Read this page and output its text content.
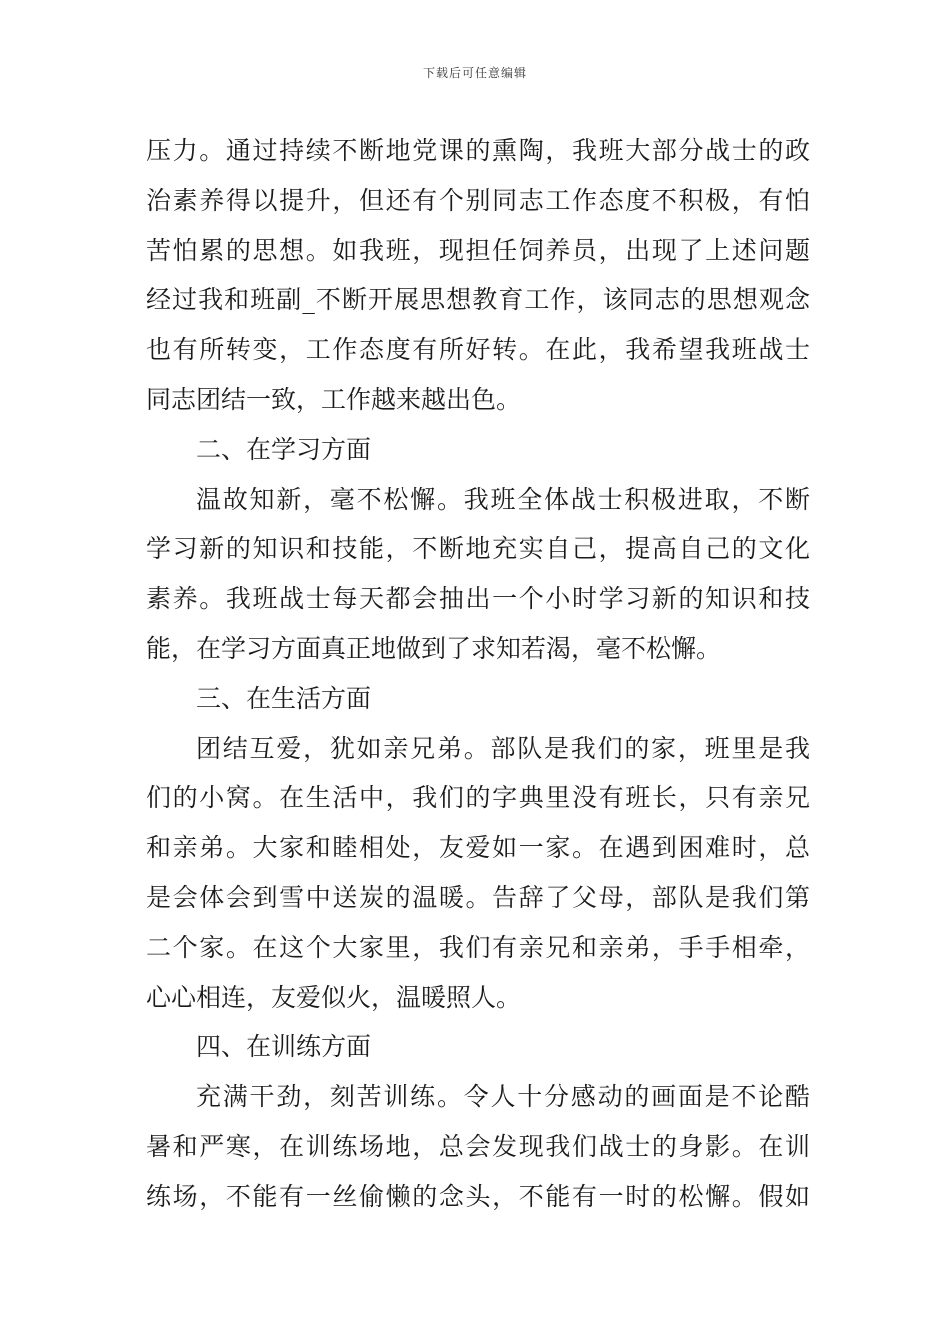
下载后可任意编辑
压力。通过持续不断地党课的熏陶，我班大部分战士的政
治素养得以提升，但还有个别同志工作态度不积极，有怕
苦怕累的思想。如我班，现担任饲养员，出现了上述问题
经过我和班副_不断开展思想教育工作，该同志的思想观念
也有所转变，工作态度有所好转。在此，我希望我班战士
同志团结一致，工作越来越出色。
二、在学习方面
温故知新，毫不松懈。我班全体战士积极进取，不断
学习新的知识和技能，不断地充实自己，提高自己的文化
素养。我班战士每天都会抽出一个小时学习新的知识和技
能，在学习方面真正地做到了求知若渴，毫不松懈。
三、在生活方面
团结互爱，犹如亲兄弟。部队是我们的家，班里是我
们的小窝。在生活中，我们的字典里没有班长，只有亲兄
和亲弟。大家和睦相处，友爱如一家。在遇到困难时，总
是会体会到雪中送炭的温暖。告辞了父母，部队是我们第
二个家。在这个大家里，我们有亲兄和亲弟，手手相牵，
心心相连，友爱似火，温暖照人。
四、在训练方面
充满干劲，刻苦训练。令人十分感动的画面是不论酷
暑和严寒，在训练场地，总会发现我们战士的身影。在训
练场，不能有一丝偷懒的念头，不能有一时的松懈。假如
